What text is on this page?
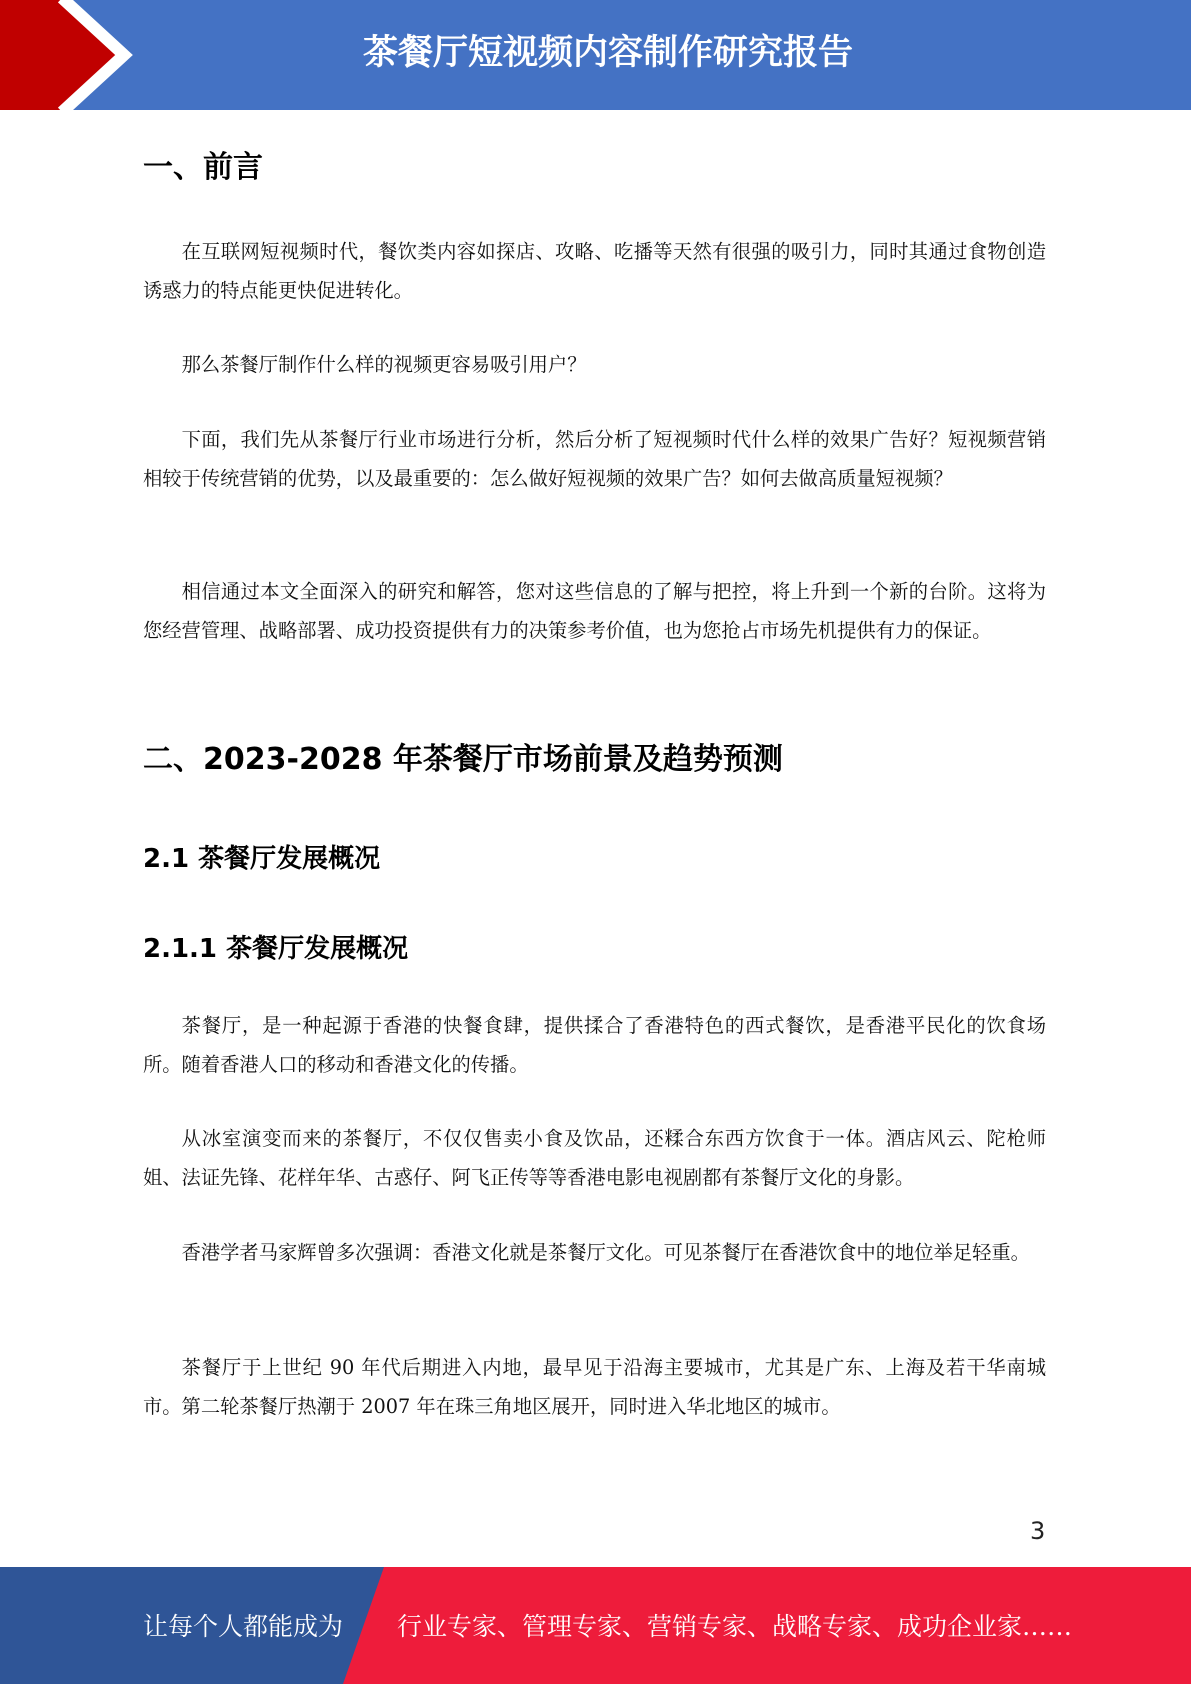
茶餐厅短视频内容制作研究报告
一、前言

在互联网短视频时代，餐饮类内容如探店、攻略、吃播等天然有很强的吸引力，同时其通过食物创造诱惑力的特点能更快促进转化。

那么茶餐厅制作什么样的视频更容易吸引用户？

下面，我们先从茶餐厅行业市场进行分析，然后分析了短视频时代什么样的效果广告好？短视频营销相较于传统营销的优势，以及最重要的：怎么做好短视频的效果广告？如何去做高质量短视频？

相信通过本文全面深入的研究和解答，您对这些信息的了解与把控，将上升到一个新的台阶。这将为您经营管理、战略部署、成功投资提供有力的决策参考价值，也为您抢占市场先机提供有力的保证。

二、2023-2028 年茶餐厅市场前景及趋势预测
2.1 茶餐厅发展概况
2.1.1 茶餐厅发展概况

茶餐厅，是一种起源于香港的快餐食肆，提供揉合了香港特色的西式餐饮，是香港平民化的饮食场所。随着香港人口的移动和香港文化的传播。

从冰室演变而来的茶餐厅，不仅仅售卖小食及饮品，还糅合东西方饮食于一体。酒店风云、陀枪师姐、法证先锋、花样年华、古惑仔、阿飞正传等等香港电影电视剧都有茶餐厅文化的身影。

香港学者马家辉曾多次强调：香港文化就是茶餐厅文化。可见茶餐厅在香港饮食中的地位举足轻重。

茶餐厅于上世纪 90 年代后期进入内地，最早见于沿海主要城市，尤其是广东、上海及若干华南城市。第二轮茶餐厅热潮于 2007 年在珠三角地区展开，同时进入华北地区的城市。

3
让每个人都能成为 行业专家、管理专家、营销专家、战略专家、成功企业家……
